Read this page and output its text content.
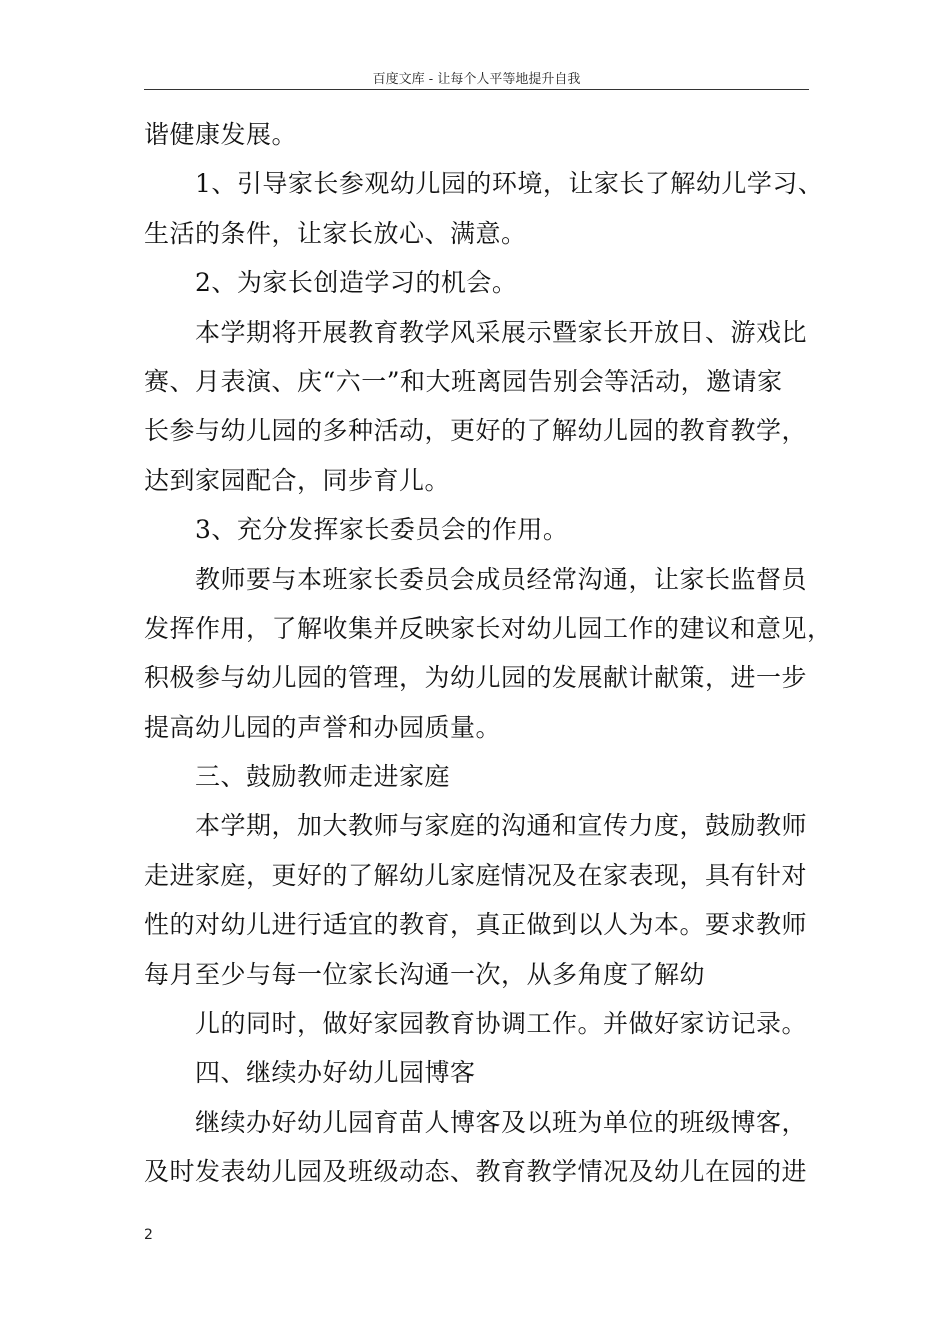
百度文库 - 让每个人平等地提升自我
谐健康发展。
1、引导家长参观幼儿园的环境，让家长了解幼儿学习、
生活的条件，让家长放心、满意。
2、为家长创造学习的机会。
本学期将开展教育教学风采展示暨家长开放日、游戏比
赛、月表演、庆“六一”和大班离园告别会等活动，邀请家
长参与幼儿园的多种活动，更好的了解幼儿园的教育教学，
达到家园配合，同步育儿。
3、充分发挥家长委员会的作用。
教师要与本班家长委员会成员经常沟通，让家长监督员
发挥作用，了解收集并反映家长对幼儿园工作的建议和意见，
积极参与幼儿园的管理，为幼儿园的发展献计献策，进一步
提高幼儿园的声誉和办园质量。
三、鼓励教师走进家庭
本学期，加大教师与家庭的沟通和宣传力度，鼓励教师
走进家庭，更好的了解幼儿家庭情况及在家表现，具有针对
性的对幼儿进行适宜的教育，真正做到以人为本。要求教师
每月至少与每一位家长沟通一次，从多角度了解幼
儿的同时，做好家园教育协调工作。并做好家访记录。
四、继续办好幼儿园博客
继续办好幼儿园育苗人博客及以班为单位的班级博客，
及时发表幼儿园及班级动态、教育教学情况及幼儿在园的进
2
